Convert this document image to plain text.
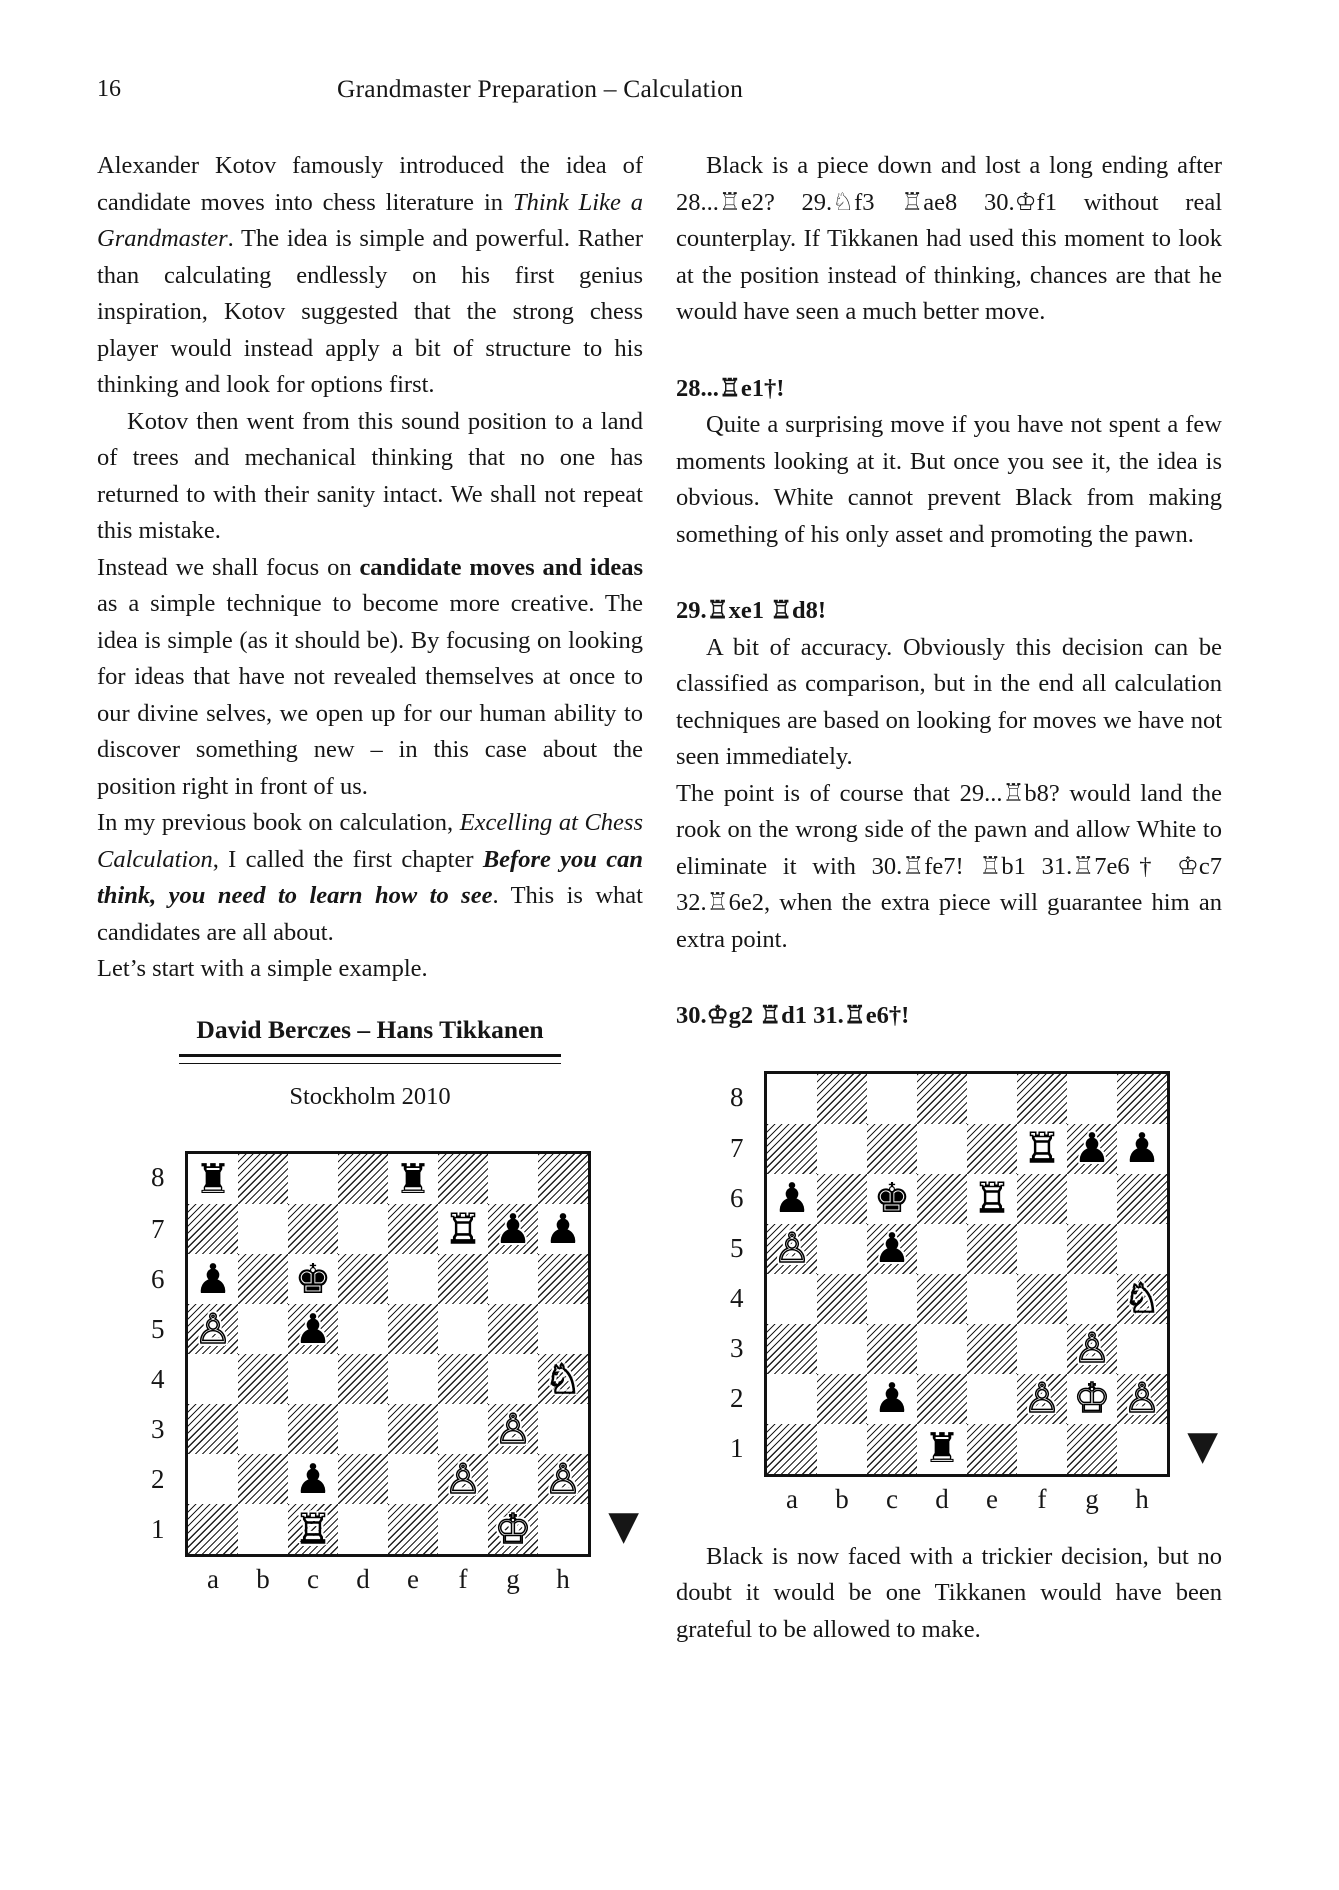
16	Grandmaster Preparation – Calculation

Alexander Kotov famously introduced the idea of candidate moves into chess literature in Think Like a Grandmaster. The idea is simple and powerful. Rather than calculating endlessly on his first genius inspiration, Kotov suggested that the strong chess player would instead apply a bit of structure to his thinking and look for options first.

Kotov then went from this sound position to a land of trees and mechanical thinking that no one has returned to with their sanity intact. We shall not repeat this mistake.

Instead we shall focus on candidate moves and ideas as a simple technique to become more creative. The idea is simple (as it should be). By focusing on looking for ideas that have not revealed themselves at once to our divine selves, we open up for our human ability to discover something new – in this case about the position right in front of us.

In my previous book on calculation, Excelling at Chess Calculation, I called the first chapter Before you can think, you need to learn how to see. This is what candidates are all about.

Let’s start with a simple example.

David Berczes – Hans Tikkanen
Stockholm 2010
8
7
6
5
4
3
2
1
♜	♜
♖ ♟ ♟
♟ ♚
♙ ♟
♘
♙
♟	♙ ♙
♖	♔
a	b	c	d	e	f	g	h
▼

Black is a piece down and lost a long ending after 28...♖e2? 29.♘f3 ♖ae8 30.♔f1 without real counterplay. If Tikkanen had used this moment to look at the position instead of thinking, chances are that he would have seen a much better move.

28...♖e1†!

Quite a surprising move if you have not spent a few moments looking at it. But once you see it, the idea is obvious. White cannot prevent Black from making something of his only asset and promoting the pawn.

29.♖xe1 ♖d8!

A bit of accuracy. Obviously this decision can be classified as comparison, but in the end all calculation techniques are based on looking for moves we have not seen immediately.

The point is of course that 29...♖b8? would land the rook on the wrong side of the pawn and allow White to eliminate it with 30.♖fe7! ♖b1 31.♖7e6† ♔c7 32.♖6e2, when the extra piece will guarantee him an extra point.

30.♔g2 ♖d1 31.♖e6†!

8
7
6
5
4
3
2
1
♖ ♟ ♟
♟ ♚ ♖
♙ ♟
♘
♙
♟	♙ ♔ ♙
♜
a	b	c	d	e	f	g	h
▼

Black is now faced with a trickier decision, but no doubt it would be one Tikkanen would have been grateful to be allowed to make.
